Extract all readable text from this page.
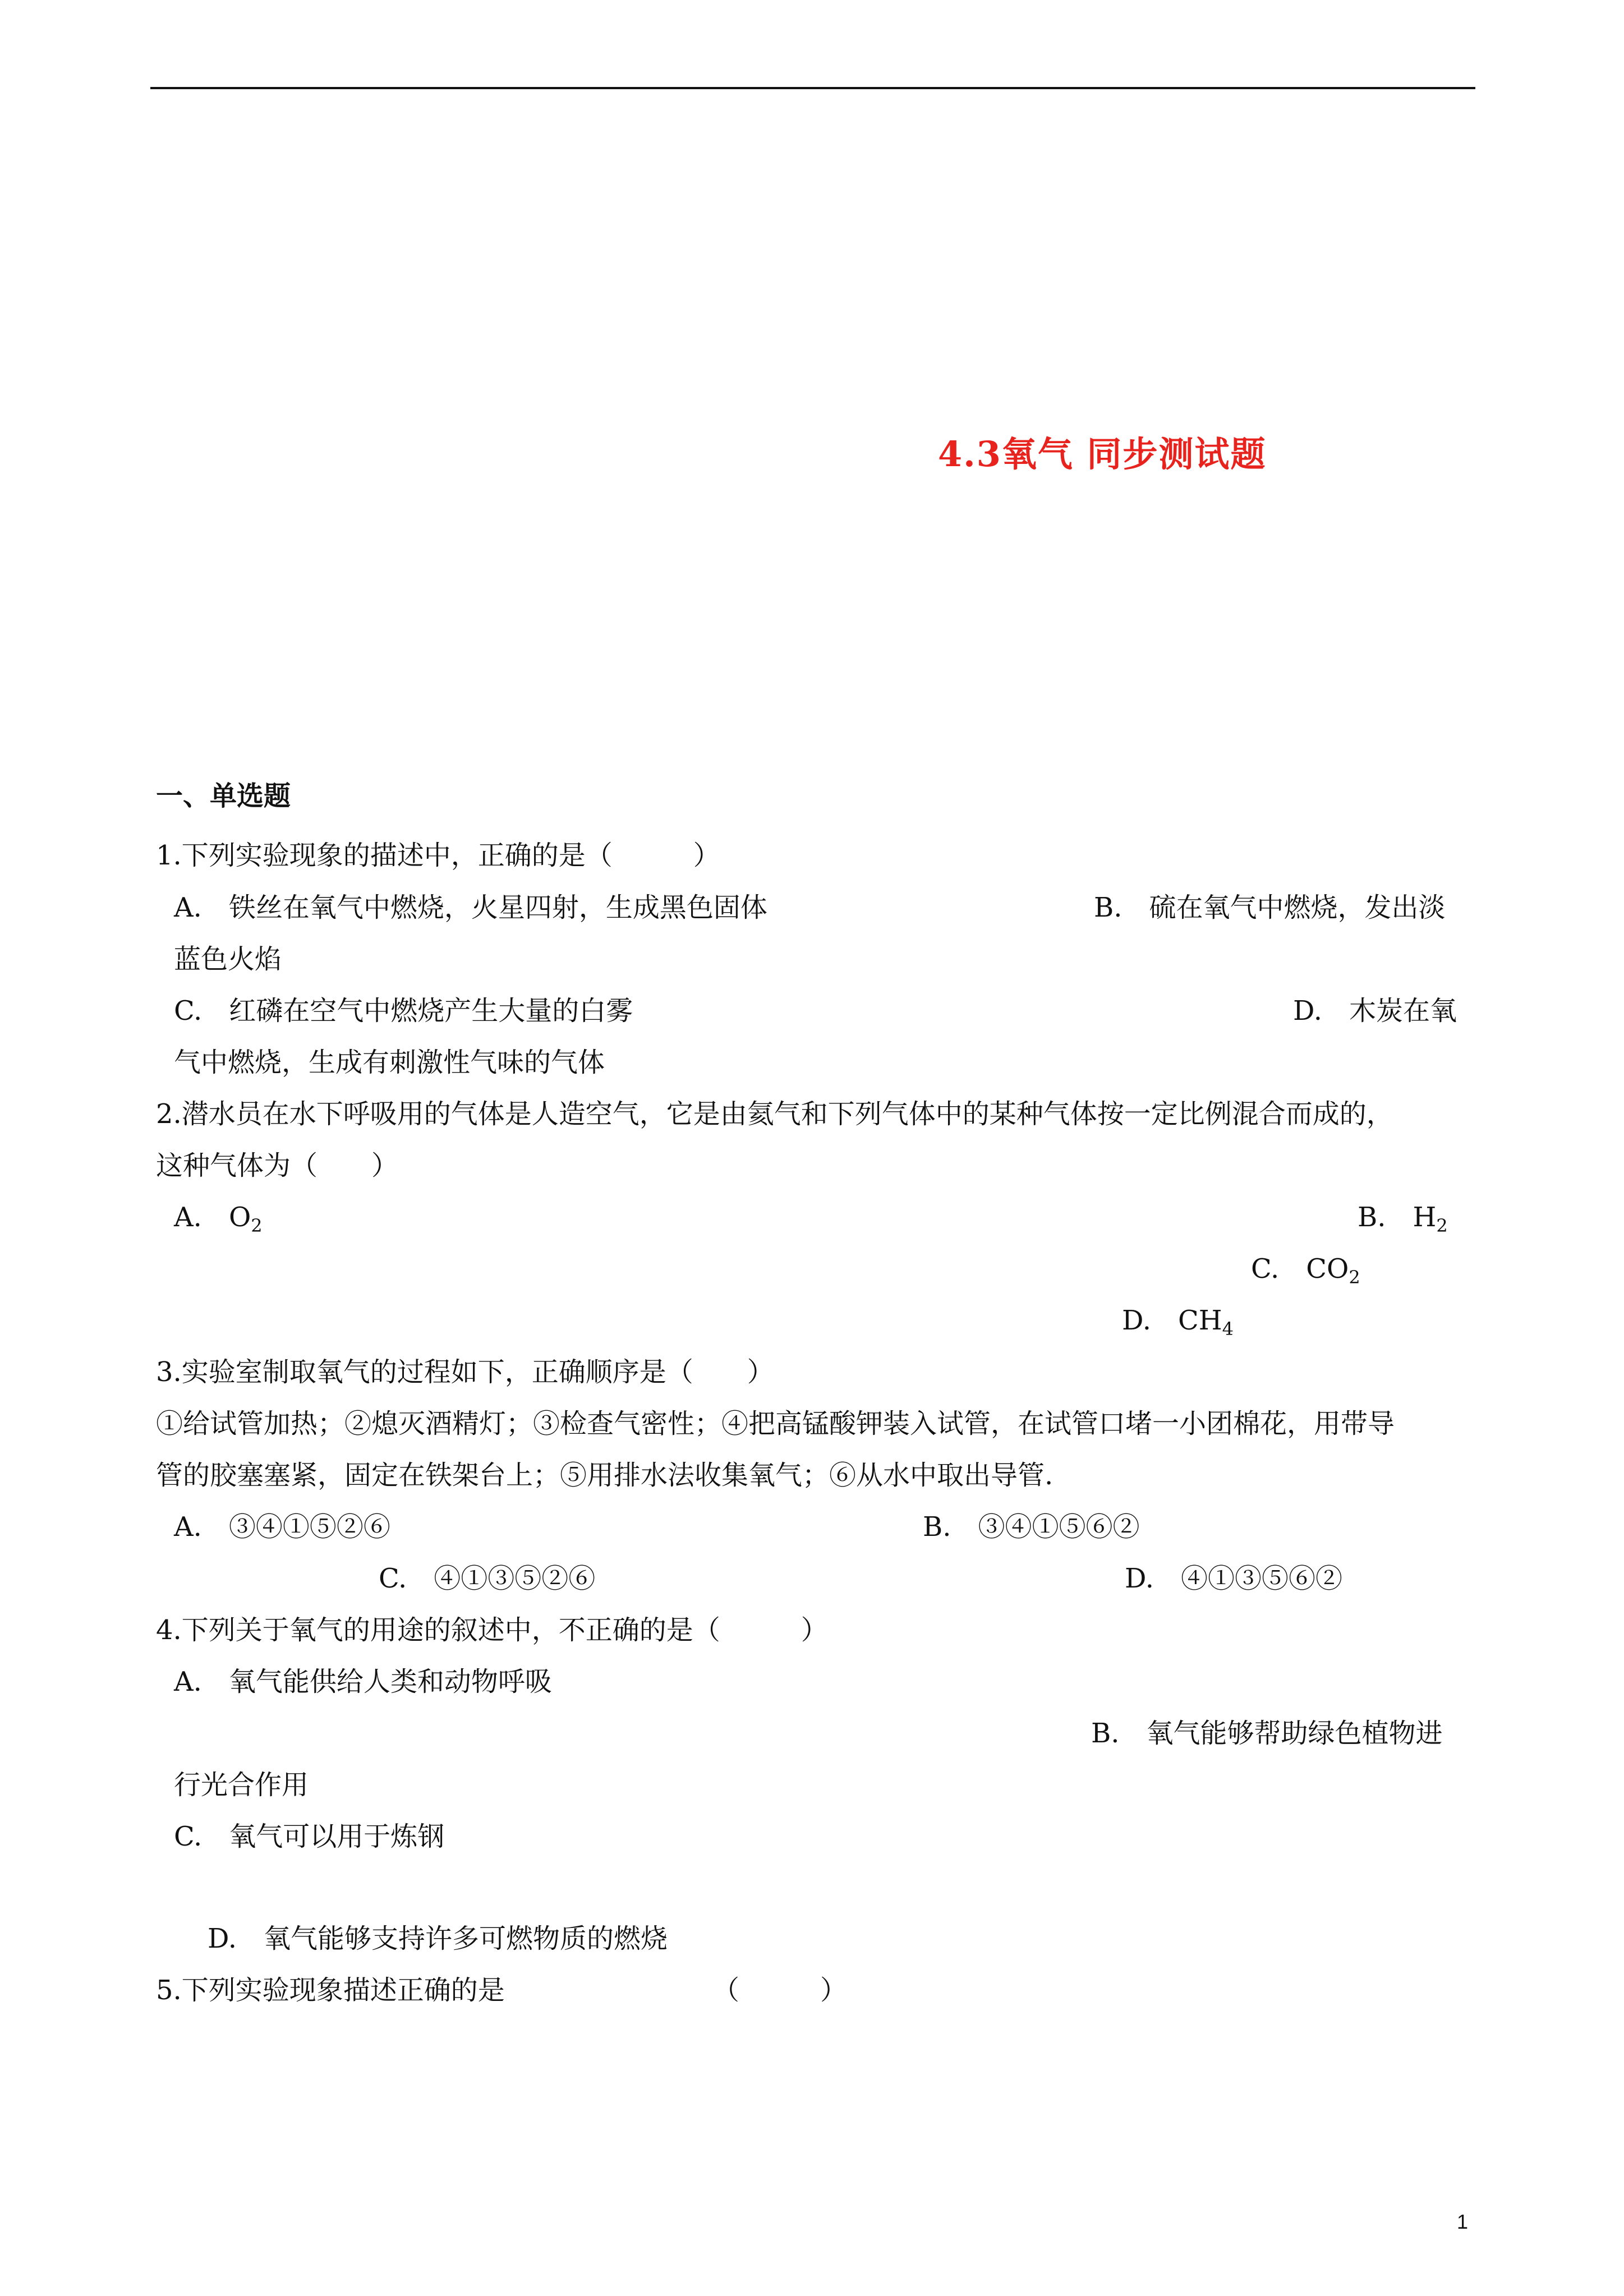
4.3氧气 同步测试题
一、单选题
1.下列实验现象的描述中，正确的是（　　　）
A.　铁丝在氧气中燃烧，火星四射，生成黑色固体	B.　硫在氧气中燃烧，发出淡
蓝色火焰
C.　红磷在空气中燃烧产生大量的白雾	D.　木炭在氧
气中燃烧，生成有刺激性气味的气体
2.潜水员在水下呼吸用的气体是人造空气，它是由氦气和下列气体中的某种气体按一定比例混合而成的，
这种气体为（　　）
A.　$O_2$	B.　$H_2$
C.　$CO_2$
D.　$CH_4$
3.实验室制取氧气的过程如下，正确顺序是（　　）
①给试管加热；②熄灭酒精灯；③检查气密性；④把高锰酸钾装入试管，在试管口堵一小团棉花，用带导
管的胶塞塞紧，固定在铁架台上；⑤用排水法收集氧气；⑥从水中取出导管.
A.　③④①⑤②⑥	B.　③④①⑤⑥②
C.　④①③⑤②⑥	D.　④①③⑤⑥②
4.下列关于氧气的用途的叙述中，不正确的是（　　　）
A.　氧气能供给人类和动物呼吸
B.　氧气能够帮助绿色植物进
行光合作用
C.　氧气可以用于炼钢
D.　氧气能够支持许多可燃物质的燃烧
5.下列实验现象描述正确的是	（　　　）
1
